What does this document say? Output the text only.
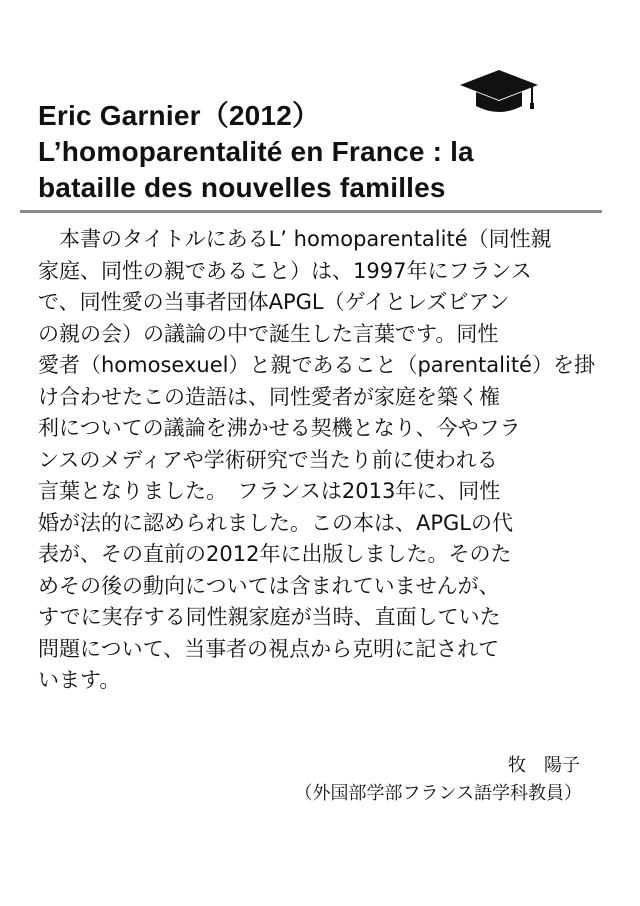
Eric Garnier（2012）
L’homoparentalité en France : la
bataille des nouvelles familles
　本書のタイトルにあるL’ homoparentalité（同性親
家庭、同性の親であること）は、1997年にフランス
で、同性愛の当事者団体APGL（ゲイとレズビアン
の親の会）の議論の中で誕生した言葉です。同性
愛者（homosexuel）と親であること（parentalité）を掛
け合わせたこの造語は、同性愛者が家庭を築く権
利についての議論を沸かせる契機となり、今やフラ
ンスのメディアや学術研究で当たり前に使われる
言葉となりました。　フランスは2013年に、同性
婚が法的に認められました。この本は、APGLの代
表が、その直前の2012年に出版しました。そのた
めその後の動向については含まれていませんが、
すでに実存する同性親家庭が当時、直面していた
問題について、当事者の視点から克明に記されて
います。
牧　陽子
（外国部学部フランス語学科教員）
